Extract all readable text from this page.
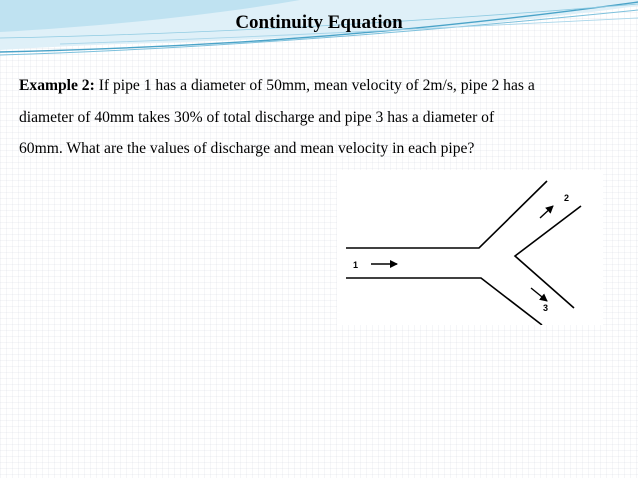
Continuity Equation
Example 2: If pipe 1 has a diameter of 50mm, mean velocity of 2m/s, pipe 2 has a
diameter of 40mm takes 30% of total discharge and pipe 3 has a diameter of
60mm. What are the values of discharge and mean velocity in each pipe?
1
2
3
